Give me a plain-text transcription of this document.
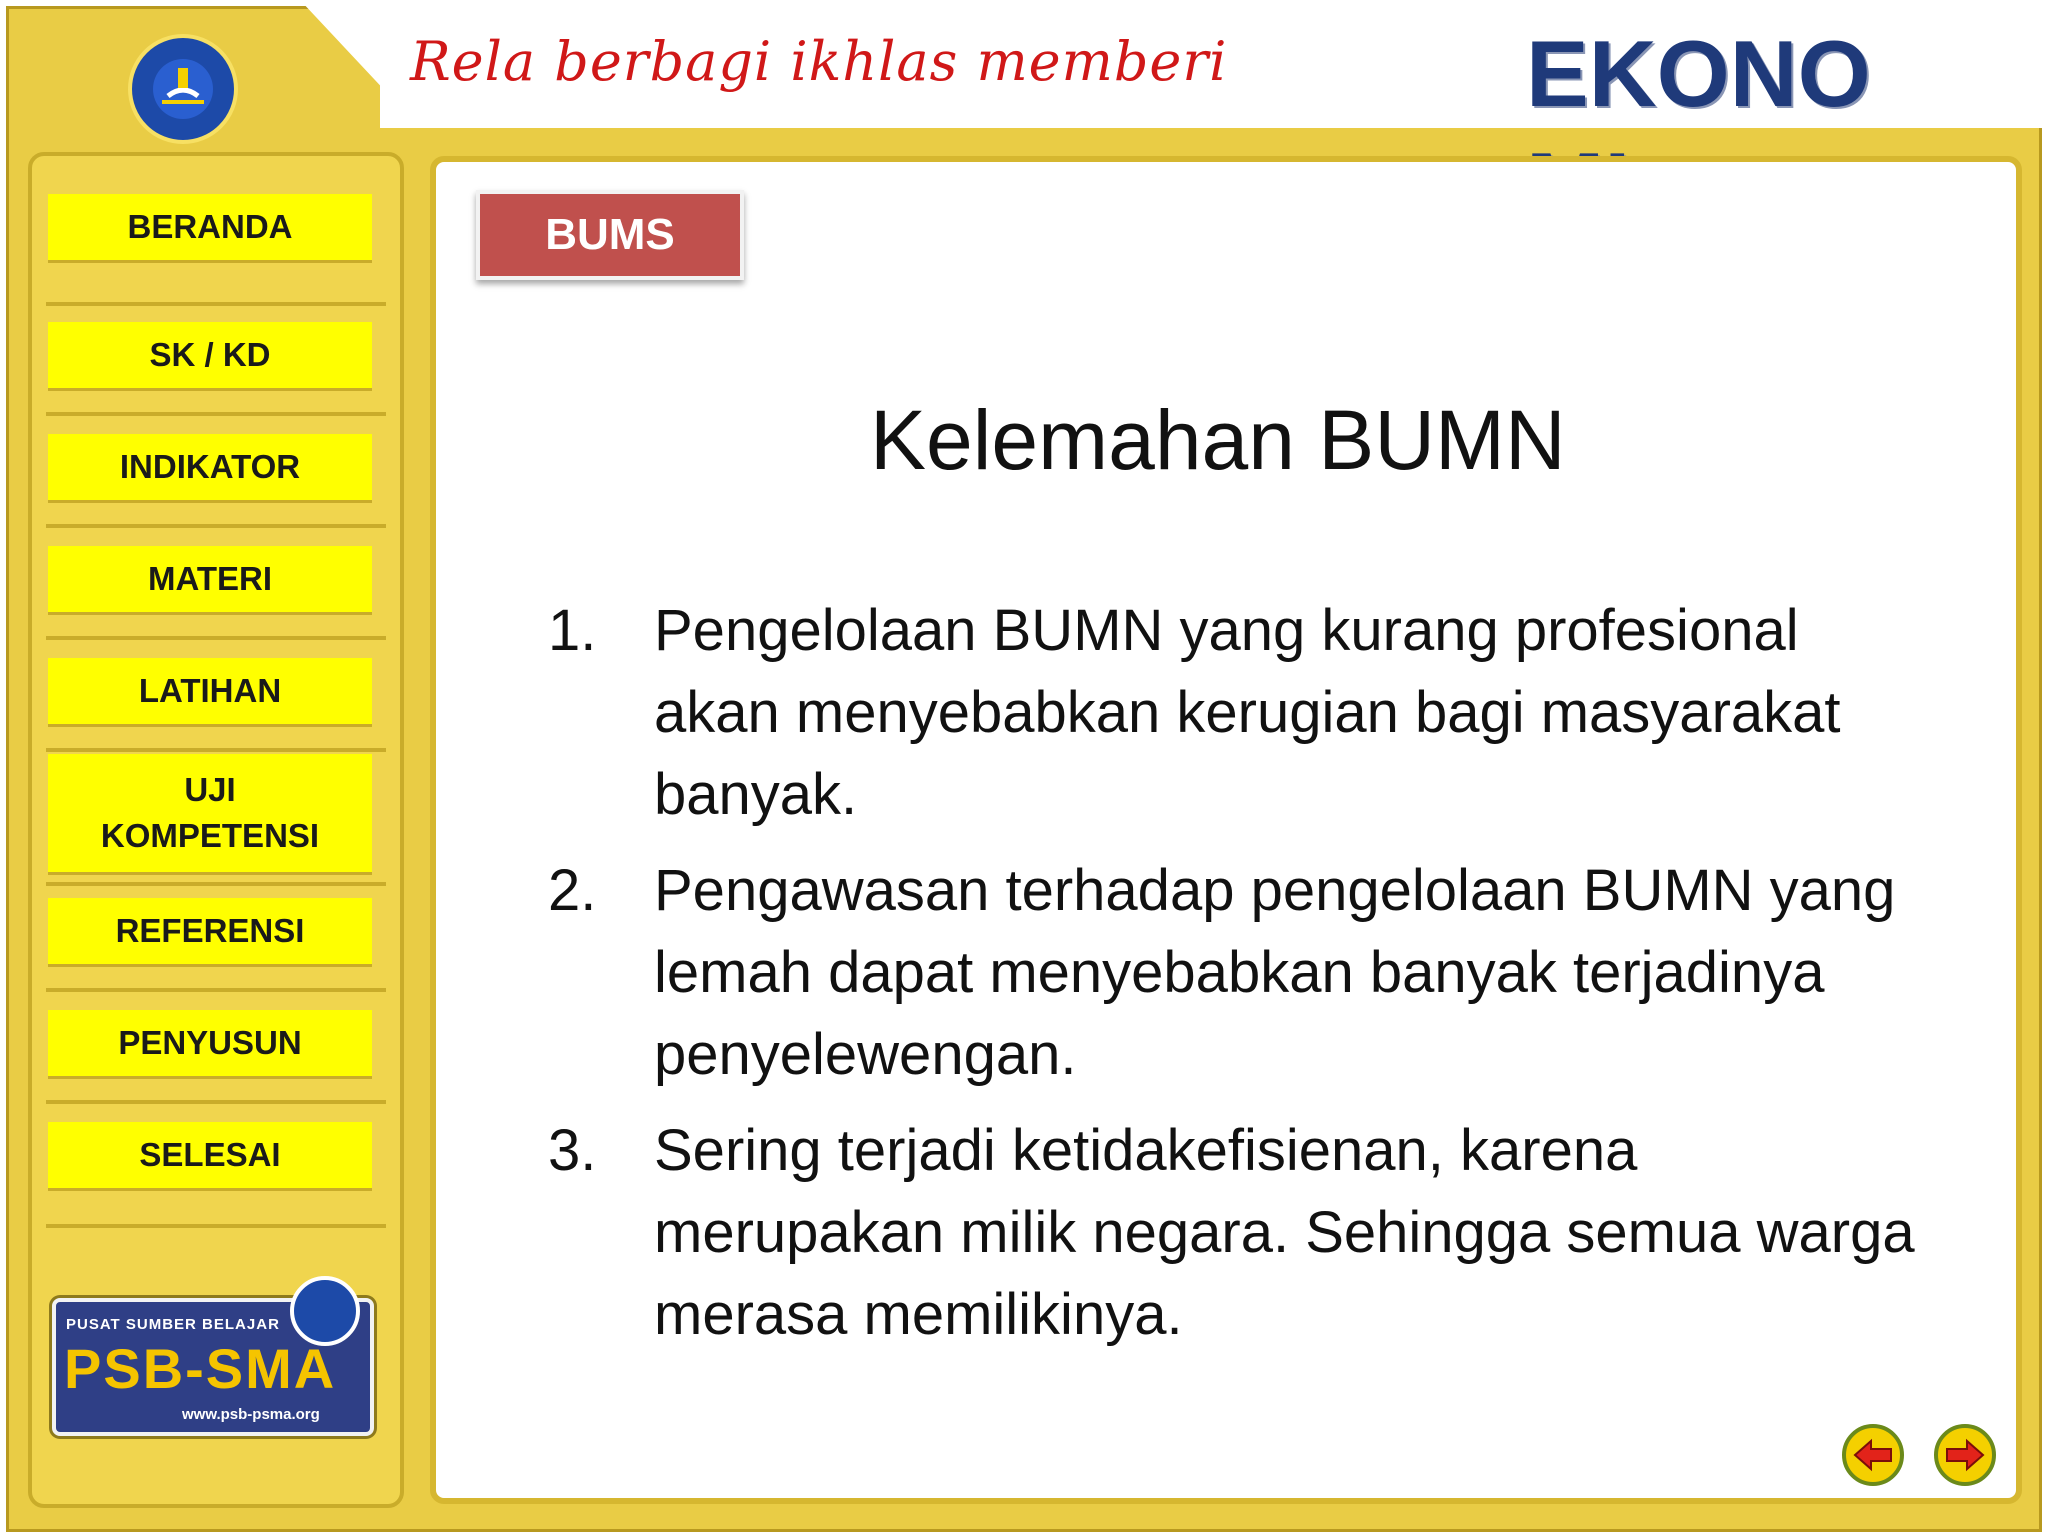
Rela berbagi ikhlas memberi	EKONO
BERANDA
SK / KD
INDIKATOR
MATERI
LATIHAN
UJI
KOMPETENSI
REFERENSI
PENYUSUN
SELESAI
PUSAT SUMBER BELAJAR
PSB-SMA
www.psb-psma.org
BUMS
Kelemahan BUMN
1. Pengelolaan BUMN yang kurang profesional akan menyebabkan kerugian bagi masyarakat banyak.
2. Pengawasan terhadap pengelolaan BUMN yang lemah dapat menyebabkan banyak terjadinya penyelewengan.
3. Sering terjadi ketidakefisienan, karena merupakan milik negara. Sehingga semua warga merasa memilikinya.
